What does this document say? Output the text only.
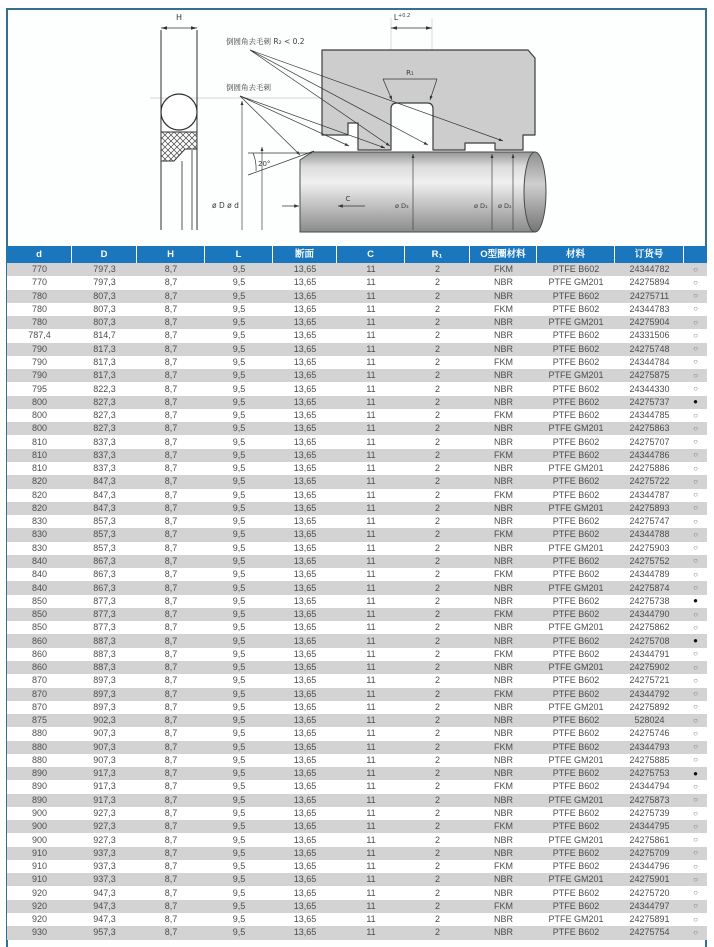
H	$L^{+0.2}$
R₁
倒圆角去毛刺 R₂ < 0.2
倒圆角去毛刺
20°
C
ø D ø d	ø D₃	ø D₁ ø D₂
d	D	H	L	断面	C	R₁	O型圈材料	材料	订货号
770	797,3	8,7	9,5	13,65	11	2	FKM	PTFE B602	24344782	○
770	797,3	8,7	9,5	13,65	11	2	NBR	PTFE GM201	24275894	○
780	807,3	8,7	9,5	13,65	11	2	NBR	PTFE B602	24275711	○
780	807,3	8,7	9,5	13,65	11	2	FKM	PTFE B602	24344783	○
780	807,3	8,7	9,5	13,65	11	2	NBR	PTFE GM201	24275904	○
787,4	814,7	8,7	9,5	13,65	11	2	NBR	PTFE B602	24331506	○
790	817,3	8,7	9,5	13,65	11	2	NBR	PTFE B602	24275748	○
790	817,3	8,7	9,5	13,65	11	2	FKM	PTFE B602	24344784	○
790	817,3	8,7	9,5	13,65	11	2	NBR	PTFE GM201	24275875	○
795	822,3	8,7	9,5	13,65	11	2	NBR	PTFE B602	24344330	○
800	827,3	8,7	9,5	13,65	11	2	NBR	PTFE B602	24275737	●
800	827,3	8,7	9,5	13,65	11	2	FKM	PTFE B602	24344785	○
800	827,3	8,7	9,5	13,65	11	2	NBR	PTFE GM201	24275863	○
810	837,3	8,7	9,5	13,65	11	2	NBR	PTFE B602	24275707	○
810	837,3	8,7	9,5	13,65	11	2	FKM	PTFE B602	24344786	○
810	837,3	8,7	9,5	13,65	11	2	NBR	PTFE GM201	24275886	○
820	847,3	8,7	9,5	13,65	11	2	NBR	PTFE B602	24275722	○
820	847,3	8,7	9,5	13,65	11	2	FKM	PTFE B602	24344787	○
820	847,3	8,7	9,5	13,65	11	2	NBR	PTFE GM201	24275893	○
830	857,3	8,7	9,5	13,65	11	2	NBR	PTFE B602	24275747	○
830	857,3	8,7	9,5	13,65	11	2	FKM	PTFE B602	24344788	○
830	857,3	8,7	9,5	13,65	11	2	NBR	PTFE GM201	24275903	○
840	867,3	8,7	9,5	13,65	11	2	NBR	PTFE B602	24275752	○
840	867,3	8,7	9,5	13,65	11	2	FKM	PTFE B602	24344789	○
840	867,3	8,7	9,5	13,65	11	2	NBR	PTFE GM201	24275874	○
850	877,3	8,7	9,5	13,65	11	2	NBR	PTFE B602	24275738	●
850	877,3	8,7	9,5	13,65	11	2	FKM	PTFE B602	24344790	○
850	877,3	8,7	9,5	13,65	11	2	NBR	PTFE GM201	24275862	○
860	887,3	8,7	9,5	13,65	11	2	NBR	PTFE B602	24275708	●
860	887,3	8,7	9,5	13,65	11	2	FKM	PTFE B602	24344791	○
860	887,3	8,7	9,5	13,65	11	2	NBR	PTFE GM201	24275902	○
870	897,3	8,7	9,5	13,65	11	2	NBR	PTFE B602	24275721	○
870	897,3	8,7	9,5	13,65	11	2	FKM	PTFE B602	24344792	○
870	897,3	8,7	9,5	13,65	11	2	NBR	PTFE GM201	24275892	○
875	902,3	8,7	9,5	13,65	11	2	NBR	PTFE B602	528024	○
880	907,3	8,7	9,5	13,65	11	2	NBR	PTFE B602	24275746	○
880	907,3	8,7	9,5	13,65	11	2	FKM	PTFE B602	24344793	○
880	907,3	8,7	9,5	13,65	11	2	NBR	PTFE GM201	24275885	○
890	917,3	8,7	9,5	13,65	11	2	NBR	PTFE B602	24275753	●
890	917,3	8,7	9,5	13,65	11	2	FKM	PTFE B602	24344794	○
890	917,3	8,7	9,5	13,65	11	2	NBR	PTFE GM201	24275873	○
900	927,3	8,7	9,5	13,65	11	2	NBR	PTFE B602	24275739	○
900	927,3	8,7	9,5	13,65	11	2	FKM	PTFE B602	24344795	○
900	927,3	8,7	9,5	13,65	11	2	NBR	PTFE GM201	24275861	○
910	937,3	8,7	9,5	13,65	11	2	NBR	PTFE B602	24275709	○
910	937,3	8,7	9,5	13,65	11	2	FKM	PTFE B602	24344796	○
910	937,3	8,7	9,5	13,65	11	2	NBR	PTFE GM201	24275901	○
920	947,3	8,7	9,5	13,65	11	2	NBR	PTFE B602	24275720	○
920	947,3	8,7	9,5	13,65	11	2	FKM	PTFE B602	24344797	○
920	947,3	8,7	9,5	13,65	11	2	NBR	PTFE GM201	24275891	○
930	957,3	8,7	9,5	13,65	11	2	NBR	PTFE B602	24275754	○
